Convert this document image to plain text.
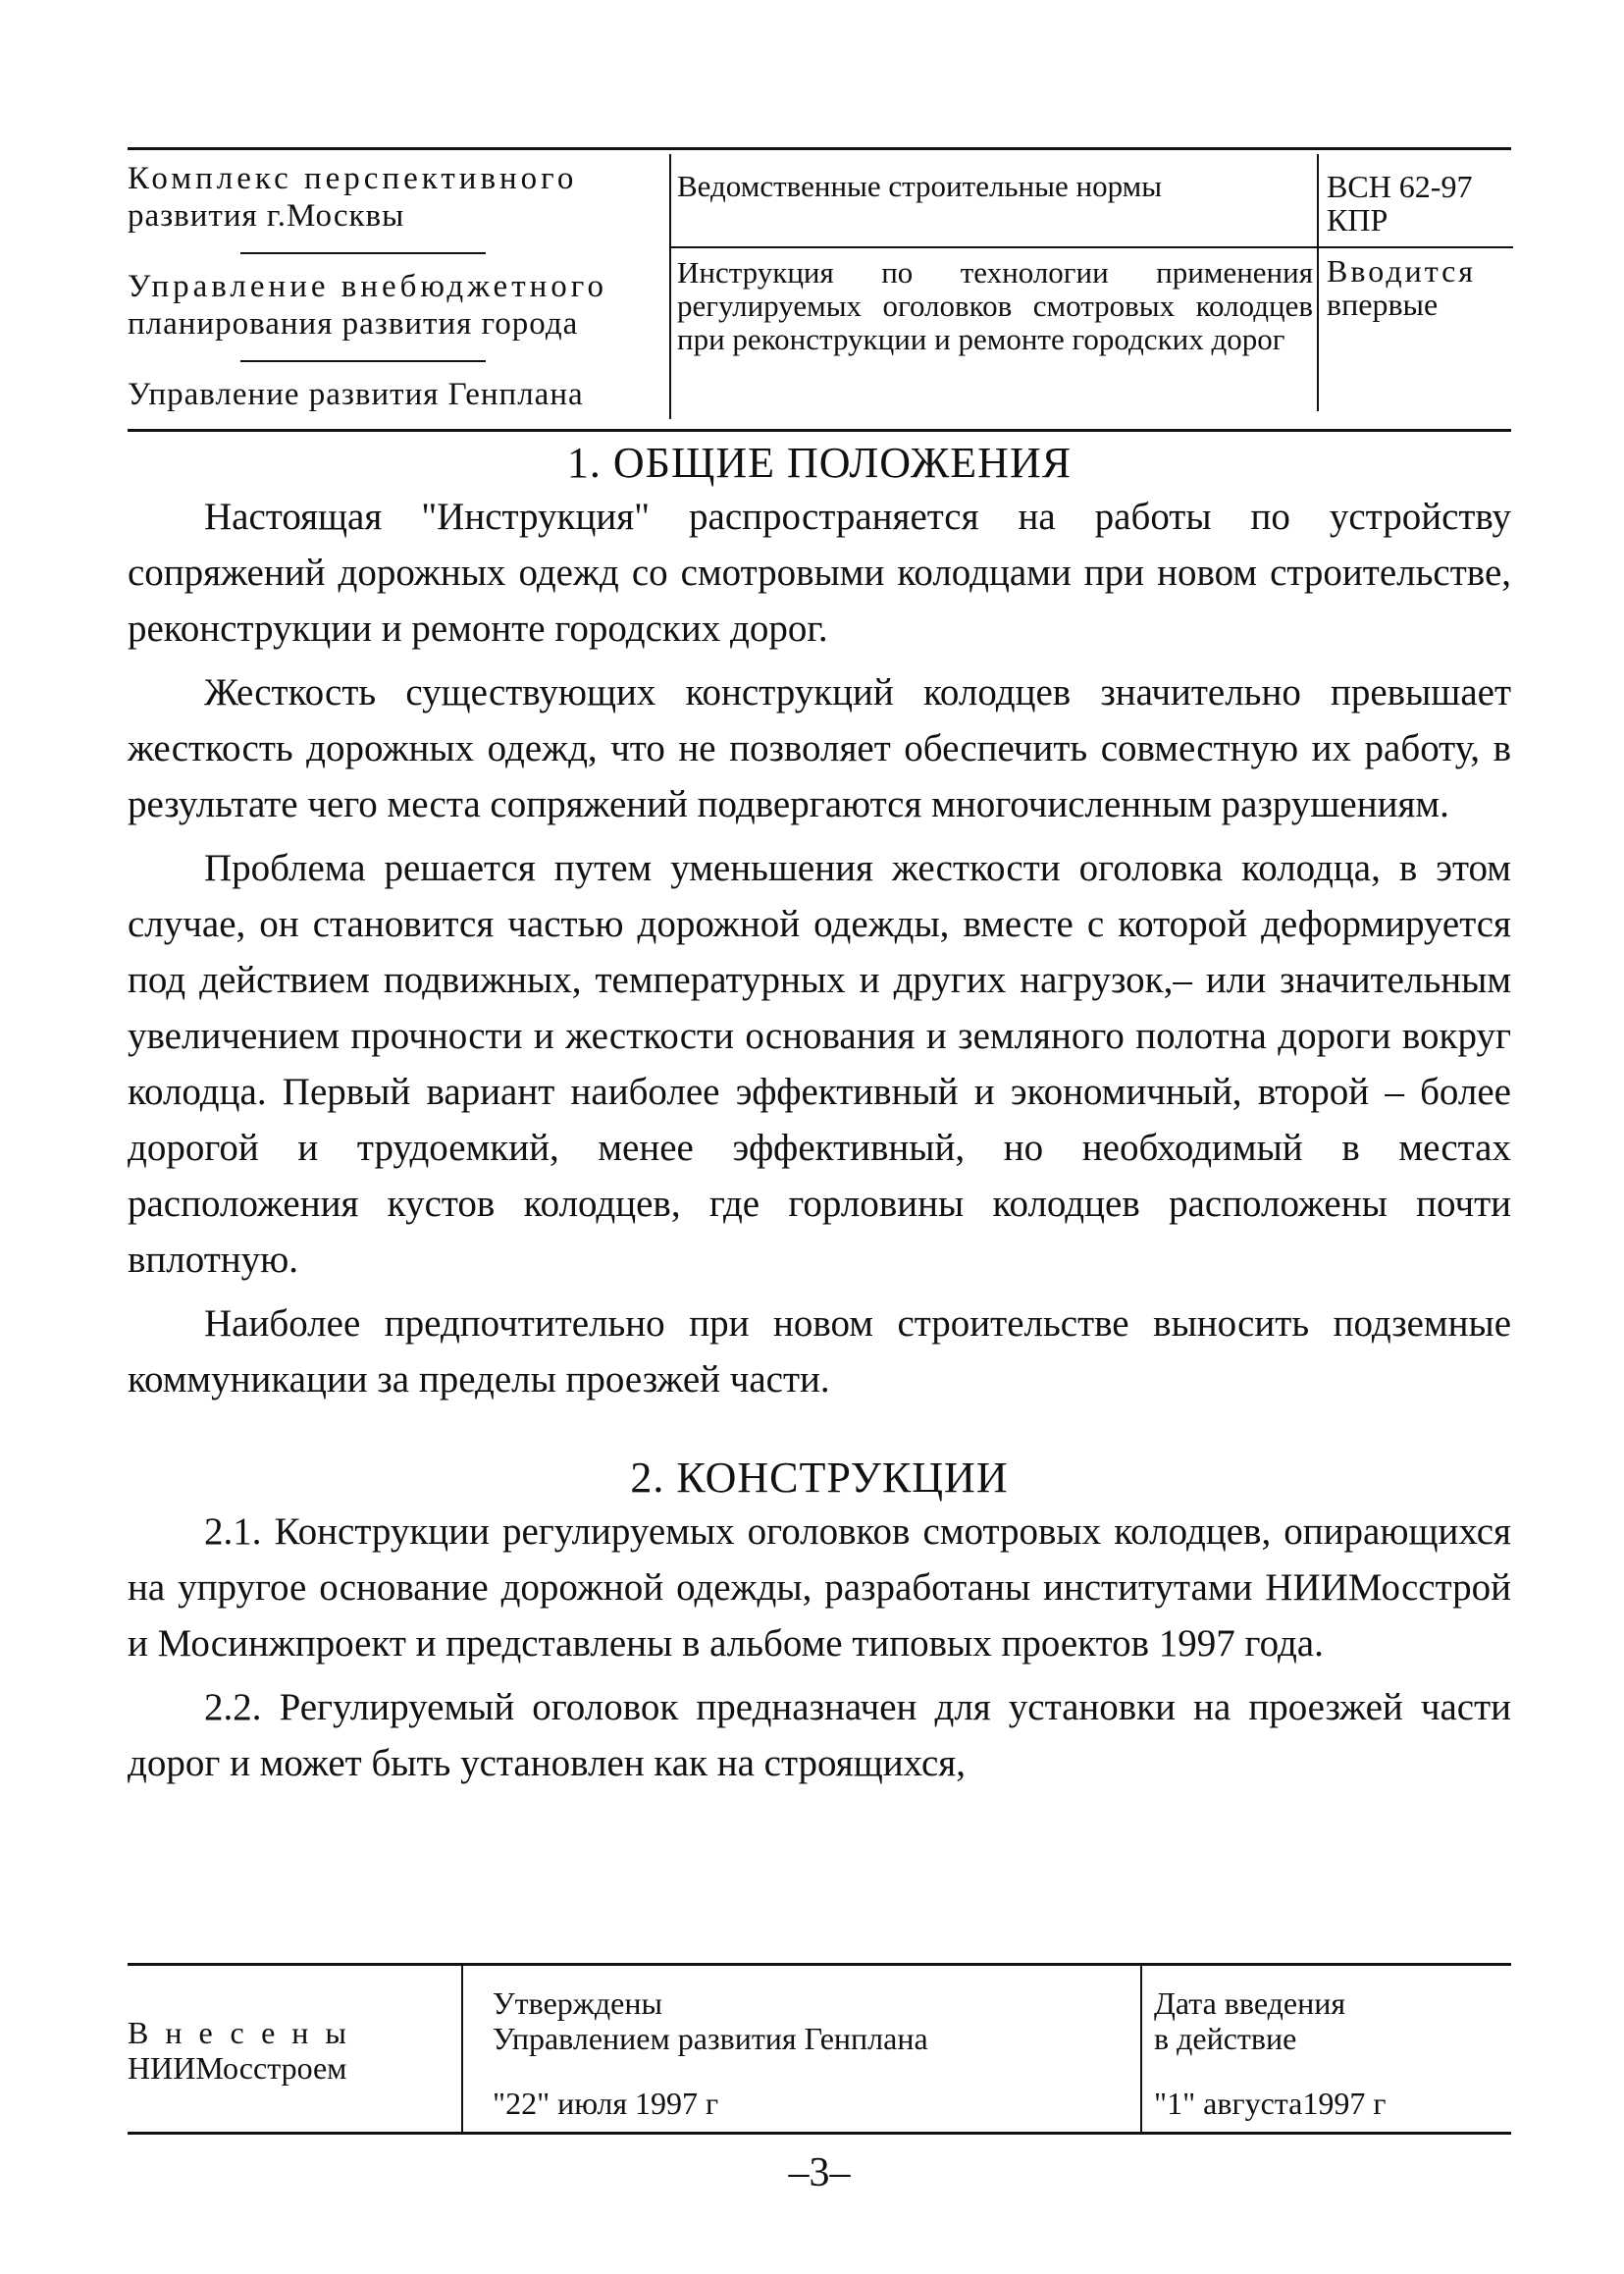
Комплекс перспективного
развития г.Москвы
Управление внебюджетного
планирования развития города
Управление развития Генплана
Ведомственные строительные нормы
Инструкция по технологии применения регулируемых оголовков смотровых колодцев при реконструкции и ремонте городских дорог
ВСН 62-97
КПР
Вводится
впервые
1. ОБЩИЕ ПОЛОЖЕНИЯ

Настоящая "Инструкция" распространяется на работы по устройству сопряжений дорожных одежд со смотровыми колодцами при новом строительстве, реконструкции и ремонте городских дорог.

Жесткость существующих конструкций колодцев значительно превышает жесткость дорожных одежд, что не позволяет обеспечить совместную их работу, в результате чего места сопряжений подвергаются многочисленным разрушениям.

Проблема решается путем уменьшения жесткости оголовка колодца, в этом случае, он становится частью дорожной одежды, вместе с которой деформируется под действием подвижных, температурных и других нагрузок,– или значительным увеличением прочности и жесткости основания и земляного полотна дороги вокруг колодца. Первый вариант наиболее эффективный и экономичный, второй – более дорогой и трудоемкий, менее эффективный, но необходимый в местах расположения кустов колодцев, где горловины колодцев расположены почти вплотную.

Наиболее предпочтительно при новом строительстве выносить подземные коммуникации за пределы проезжей части.

2. КОНСТРУКЦИИ

2.1. Конструкции регулируемых оголовков смотровых колодцев, опирающихся на упругое основание дорожной одежды, разработаны институтами НИИМосстрой и Мосинжпроект и представлены в альбоме типовых проектов 1997 года.

2.2. Регулируемый оголовок предназначен для установки на проезжей части дорог и может быть установлен как на строящихся,

Внесены
НИИМосстроем
Утверждены
Управлением развития Генплана
Дата введения
в действие
"22" июля 1997 г	"1" августа1997 г
–3–
